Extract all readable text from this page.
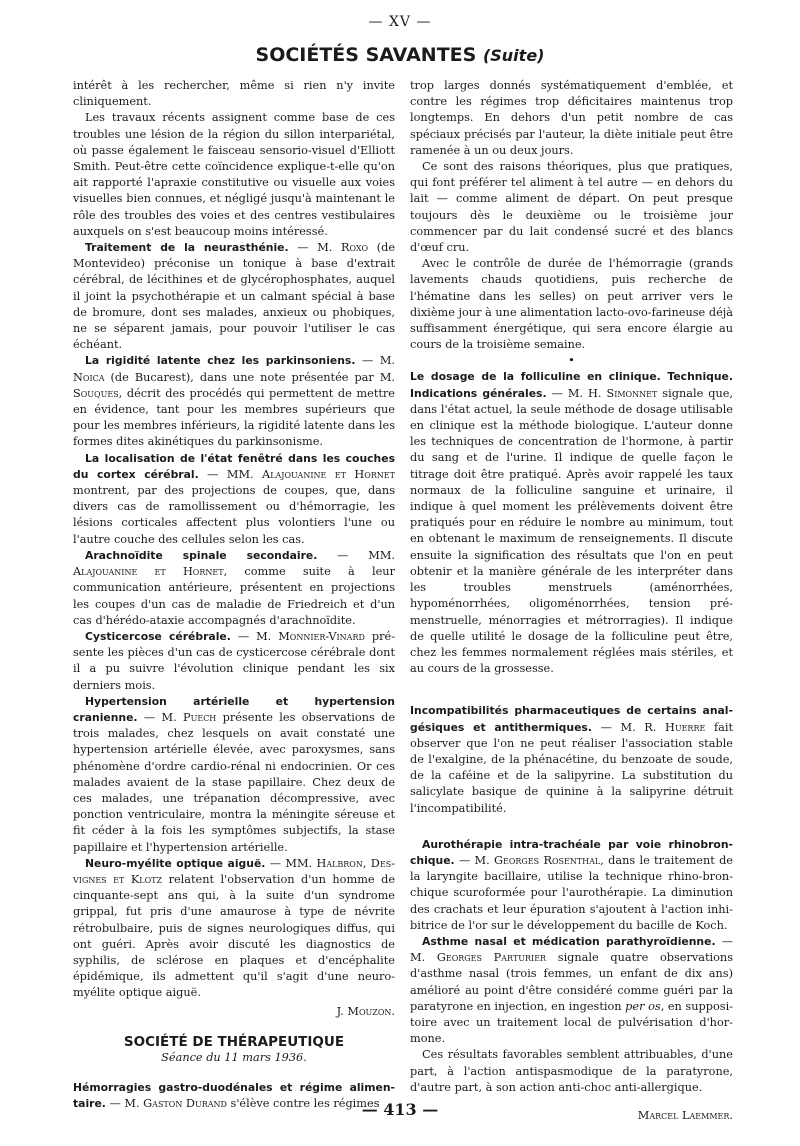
— XV —
SOCIÉTÉS SAVANTES (Suite)

intérêt à les rechercher, même si rien n'y invite cliniquement.

Les travaux récents assignent comme base de ces troubles une lésion de la région du sillon interpariétal, où passe également le faisceau sensorio-visuel d'Elliott Smith. Peut-être cette coïncidence explique-t-elle qu'on ait rapporté l'apraxie constitutive ou visuelle aux voies visuelles bien connues, et négligé jusqu'à maintenant le rôle des troubles des voies et des centres vestibulaires auxquels on s'est beaucoup moins intéressé.

Traitement de la neurasthénie. — M. Roxo (de Montevideo) préconise un tonique à base d'extrait cérébral, de lécithines et de glycérophosphates, auquel il joint la psychothérapie et un calmant spécial à base de bromure, dont ses malades, anxieux ou phobiques, ne se séparent jamais, pour pouvoir l'utiliser le cas échéant.

La rigidité latente chez les parkinsoniens. — M. Noica (de Bucarest), dans une note présentée par M. Souques, décrit des procédés qui permettent de mettre en évidence, tant pour les membres supérieurs que pour les membres inférieurs, la rigidité latente dans les formes dites akinétiques du parkinsonisme.

La localisation de l'état fenêtré dans les couches du cortex cérébral. — MM. Alajouanine et Hornet montrent, par des projections de coupes, que, dans divers cas de ramollissement ou d'hémorragie, les lésions corticales affectent plus volontiers l'une ou l'autre couche des cellules selon les cas.

Arachnoïdite spinale secondaire. — MM. Alajouanine et Hornet, comme suite à leur communication antérieure, présentent en projections les coupes d'un cas de maladie de Friedreich et d'un cas d'hérédo-ataxie accompagnés d'arachnoïdite.

Cysticercose cérébrale. — M. Monnier-Vinard présente les pièces d'un cas de cysticercose cérébrale dont il a pu suivre l'évolution clinique pendant les six derniers mois.

Hypertension artérielle et hypertension cranienne. — M. Puech présente les observations de trois malades, chez lesquels on avait constaté une hypertension artérielle élevée, avec paroxysmes, sans phénomène d'ordre cardio-rénal ni endocrinien. Or ces malades avaient de la stase papillaire. Chez deux de ces malades, une trépanation décompressive, avec ponction ventriculaire, montra la méningite séreuse et fit céder à la fois les symptômes subjectifs, la stase papillaire et l'hypertension artérielle.

Neuro-myélite optique aiguë. — MM. Halbron, Desvignes et Klotz relatent l'observation d'un homme de cinquante-sept ans qui, à la suite d'un syndrome grippal, fut pris d'une amaurose à type de névrite rétrobulbaire, puis de signes neurologiques diffus, qui ont guéri. Après avoir discuté les diagnostics de syphilis, de sclérose en plaques et d'encéphalite épidémique, ils admettent qu'il s'agit d'une neuro-myélite optique aiguë.

J. Mouzon.

SOCIÉTÉ DE THÉRAPEUTIQUE

Séance du 11 mars 1936.

Hémorragies gastro-duodénales et régime alimentaire. — M. Gaston Durand s'élève contre les régimes

trop larges donnés systématiquement d'emblée, et contre les régimes trop déficitaires maintenus trop longtemps. En dehors d'un petit nombre de cas spéciaux précisés par l'auteur, la diète initiale peut être ramenée à un ou deux jours.

Ce sont des raisons théoriques, plus que pratiques, qui font préférer tel aliment à tel autre — en dehors du lait — comme aliment de départ. On peut presque toujours dès le deuxième ou le troisième jour commencer par du lait condensé sucré et des blancs d'œuf cru.

Avec le contrôle de durée de l'hémorragie (grands lavements chauds quotidiens, puis recherche de l'hématine dans les selles) on peut arriver vers le dixième jour à une alimentation lacto-ovo-farineuse déjà suffisamment énergétique, qui sera encore élargie au cours de la troisième semaine.

•

Le dosage de la folliculine en clinique. Technique. Indications générales. — M. H. Simonnet signale que, dans l'état actuel, la seule méthode de dosage utilisable en clinique est la méthode biologique. L'auteur donne les techniques de concentration de l'hormone, à partir du sang et de l'urine. Il indique de quelle façon le titrage doit être pratiqué. Après avoir rappelé les taux normaux de la folliculine sanguine et urinaire, il indique à quel moment les prélèvements doivent être pratiqués pour en réduire le nombre au minimum, tout en obtenant le maximum de renseignements. Il discute ensuite la signification des résultats que l'on en peut obtenir et la manière générale de les interpréter dans les troubles menstruels (aménorrhées, hypoménorrhées, oligoménorrhées, tension pré-menstruelle, ménorragies et métrorragies). Il indique de quelle utilité le dosage de la folliculine peut être, chez les femmes normalement réglées mais stériles, et au cours de la grossesse.

Incompatibilités pharmaceutiques de certains analgésiques et antithermiques. — M. R. Huerre fait observer que l'on ne peut réaliser l'association stable de l'exalgine, de la phénacétine, du benzoate de soude, de la caféine et de la salipyrine. La substitution du salicylate basique de quinine à la salipyrine détruit l'incompatibilité.

Aurothérapie intra-trachéale par voie rhinobronchique. — M. Georges Rosenthal, dans le traitement de la laryngite bacillaire, utilise la technique rhino-bronchique scuroformée pour l'aurothérapie. La diminution des crachats et leur épuration s'ajoutent à l'action inhibitrice de l'or sur le développement du bacille de Koch.

Asthme nasal et médication parathyroïdienne. — M. Georges Parturier signale quatre observations d'asthme nasal (trois femmes, un enfant de dix ans) amélioré au point d'être considéré comme guéri par la paratyrone en injection, en ingestion per os, en suppositoire avec un traitement local de pulvérisation d'hormone.

Ces résultats favorables semblent attribuables, d'une part, à l'action antispasmodique de la paratyrone, d'autre part, à son action anti-choc anti-allergique.

Marcel Laemmer.

— 413 —
